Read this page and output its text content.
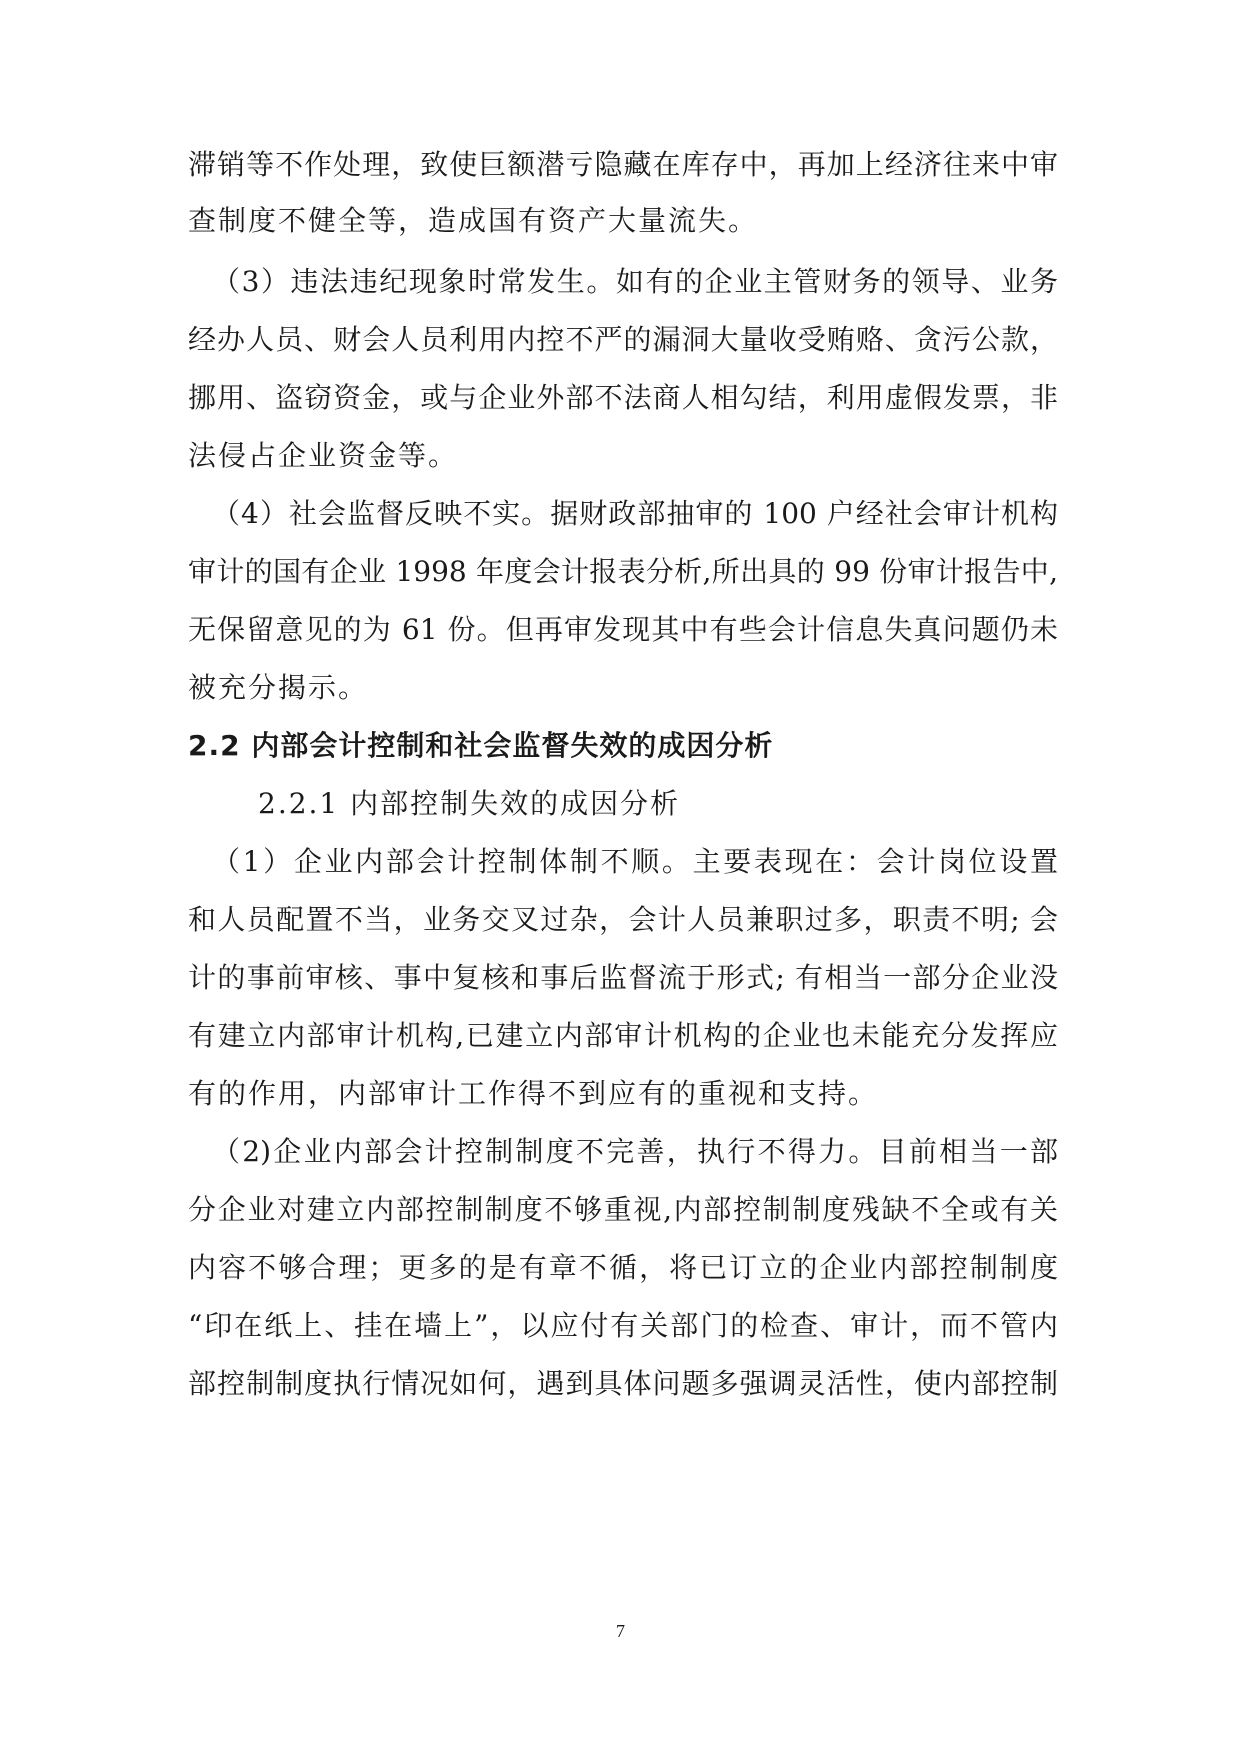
滞销等不作处理，致使巨额潜亏隐藏在库存中，再加上经济往来中审
查制度不健全等，造成国有资产大量流失。
（3）违法违纪现象时常发生。如有的企业主管财务的领导、业务
经办人员、财会人员利用内控不严的漏洞大量收受贿赂、贪污公款，
挪用、盗窃资金，或与企业外部不法商人相勾结，利用虚假发票，非
法侵占企业资金等。
（4）社会监督反映不实。据财政部抽审的 100 户经社会审计机构
审计的国有企业 1998 年度会计报表分析,所出具的 99 份审计报告中,
无保留意见的为 61 份。但再审发现其中有些会计信息失真问题仍未
被充分揭示。
2.2 内部会计控制和社会监督失效的成因分析
2.2.1 内部控制失效的成因分析
（1）企业内部会计控制体制不顺。主要表现在：会计岗位设置
和人员配置不当，业务交叉过杂，会计人员兼职过多，职责不明; 会
计的事前审核、事中复核和事后监督流于形式; 有相当一部分企业没
有建立内部审计机构,已建立内部审计机构的企业也未能充分发挥应
有的作用，内部审计工作得不到应有的重视和支持。
（2)企业内部会计控制制度不完善，执行不得力。目前相当一部
分企业对建立内部控制制度不够重视,内部控制制度残缺不全或有关
内容不够合理；更多的是有章不循，将已订立的企业内部控制制度
“印在纸上、挂在墙上”，以应付有关部门的检查、审计，而不管内
部控制制度执行情况如何，遇到具体问题多强调灵活性，使内部控制
7
